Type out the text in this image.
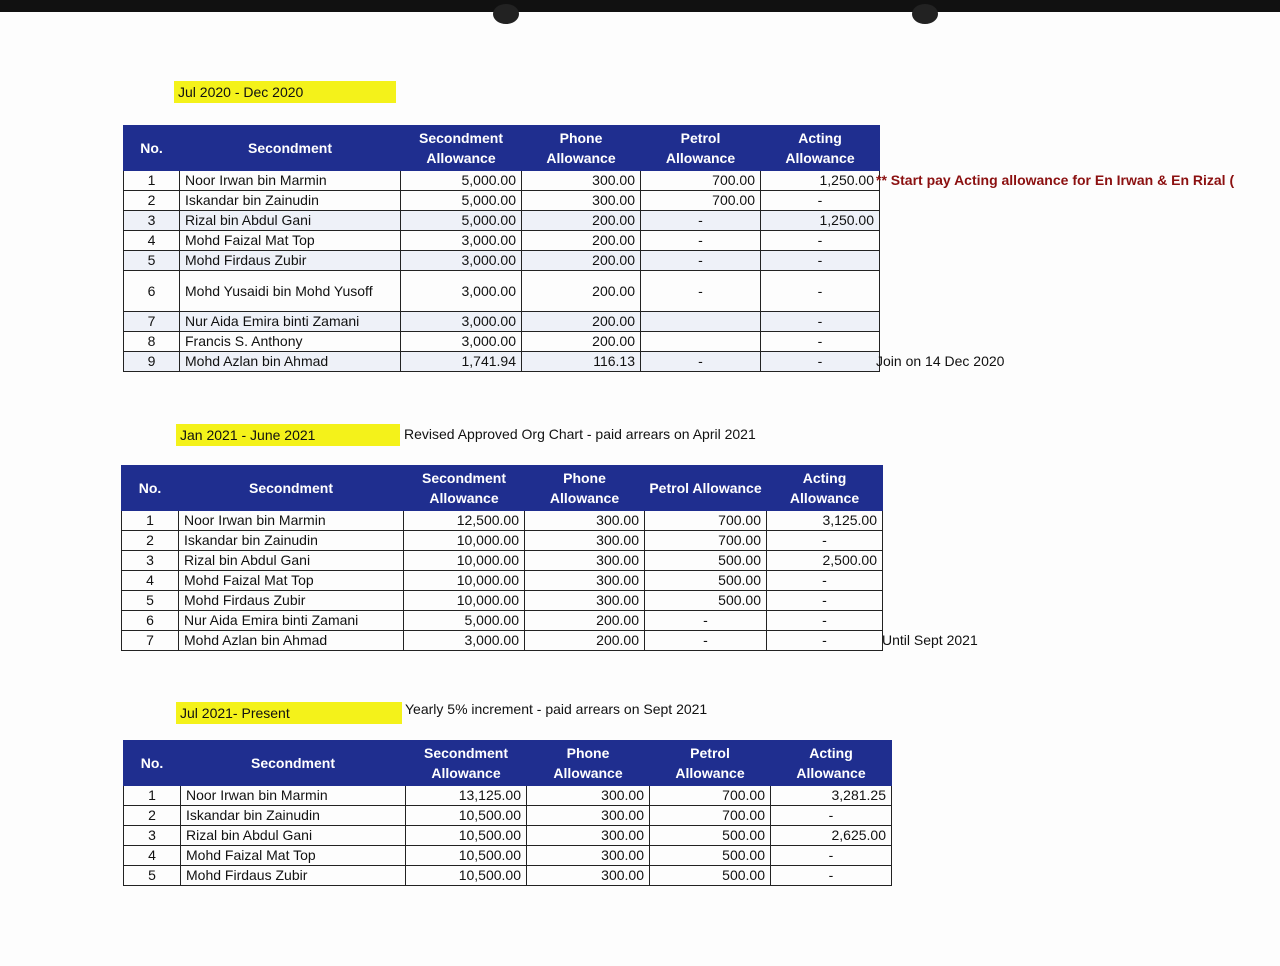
Jul 2020 - Dec 2020
No.	Secondment	Secondment Allowance	Phone Allowance	Petrol Allowance	Acting Allowance
1	Noor Irwan bin Marmin	5,000.00	300.00	700.00	1,250.00
2	Iskandar bin Zainudin	5,000.00	300.00	700.00	-
3	Rizal bin Abdul Gani	5,000.00	200.00	-	1,250.00
4	Mohd Faizal Mat Top	3,000.00	200.00	-	-
5	Mohd Firdaus Zubir	3,000.00	200.00	-	-
6	Mohd Yusaidi bin Mohd Yusoff	3,000.00	200.00	-	-
7	Nur Aida Emira binti Zamani	3,000.00	200.00		-
8	Francis S. Anthony	3,000.00	200.00		-
9	Mohd Azlan bin Ahmad	1,741.94	116.13	-	-
** Start pay Acting allowance for En Irwan & En Rizal (
Join on 14 Dec 2020
Jan 2021 - June 2021	Revised Approved Org Chart - paid arrears on April 2021
No.	Secondment	Secondment Allowance	Phone Allowance	Petrol Allowance	Acting Allowance
1	Noor Irwan bin Marmin	12,500.00	300.00	700.00	3,125.00
2	Iskandar bin Zainudin	10,000.00	300.00	700.00	-
3	Rizal bin Abdul Gani	10,000.00	300.00	500.00	2,500.00
4	Mohd Faizal Mat Top	10,000.00	300.00	500.00	-
5	Mohd Firdaus Zubir	10,000.00	300.00	500.00	-
6	Nur Aida Emira binti Zamani	5,000.00	200.00	-	-
7	Mohd Azlan bin Ahmad	3,000.00	200.00	-	-	Until Sept 2021
Jul 2021- Present	Yearly 5% increment - paid arrears on Sept 2021
No.	Secondment	Secondment Allowance	Phone Allowance	Petrol Allowance	Acting Allowance
1	Noor Irwan bin Marmin	13,125.00	300.00	700.00	3,281.25
2	Iskandar bin Zainudin	10,500.00	300.00	700.00	-
3	Rizal bin Abdul Gani	10,500.00	300.00	500.00	2,625.00
4	Mohd Faizal Mat Top	10,500.00	300.00	500.00	-
5	Mohd Firdaus Zubir	10,500.00	300.00	500.00	-
